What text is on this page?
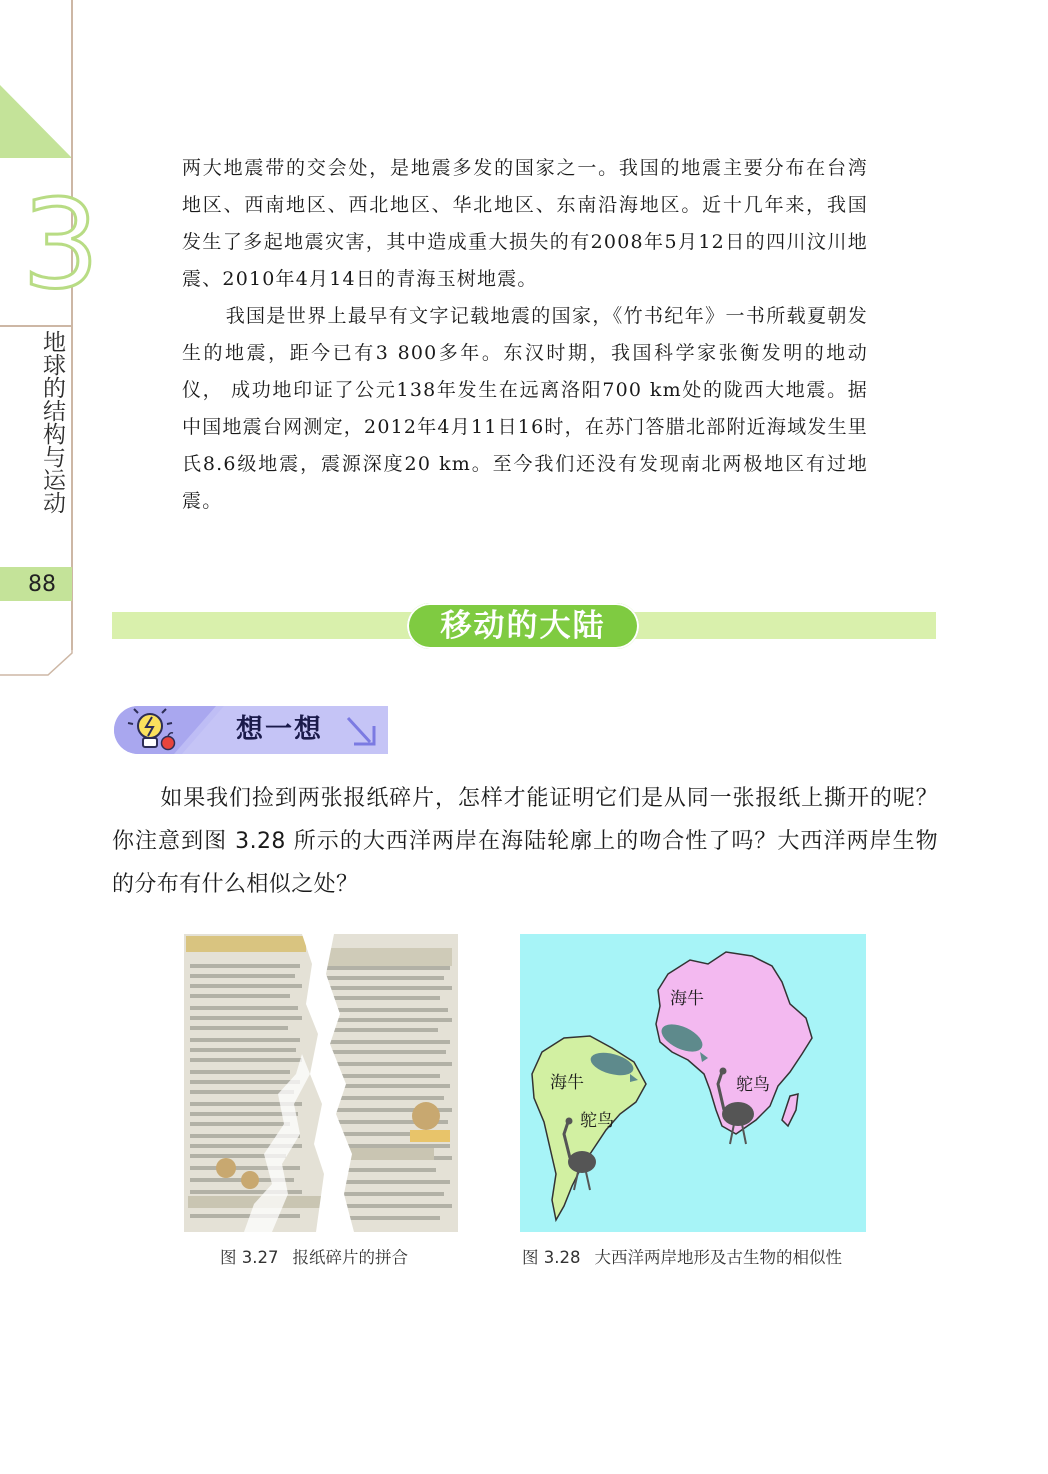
3
地球的结构与运动
88

两大地震带的交会处，是地震多发的国家之一。我国的地震主要分布在台湾地区、西南地区、西北地区、华北地区、东南沿海地区。近十几年来，我国发生了多起地震灾害，其中造成重大损失的有2008年5月12日的四川汶川地震、2010年4月14日的青海玉树地震。

我国是世界上最早有文字记载地震的国家，《竹书纪年》一书所载夏朝发生的地震，距今已有3 800多年。东汉时期，我国科学家张衡发明的地动仪， 成功地印证了公元138年发生在远离洛阳700 km处的陇西大地震。据中国地震台网测定，2012年4月11日16时，在苏门答腊北部附近海域发生里氏8.6级地震，震源深度20 km。至今我们还没有发现南北两极地区有过地震。

移动的大陆
想一想

如果我们捡到两张报纸碎片，怎样才能证明它们是从同一张报纸上撕开的呢？你注意到图 3.28 所示的大西洋两岸在海陆轮廓上的吻合性了吗？大西洋两岸生物的分布有什么相似之处？

图 3.27 报纸碎片的拼合
海牛
鸵鸟
海牛
鸵鸟
图 3.28 大西洋两岸地形及古生物的相似性
